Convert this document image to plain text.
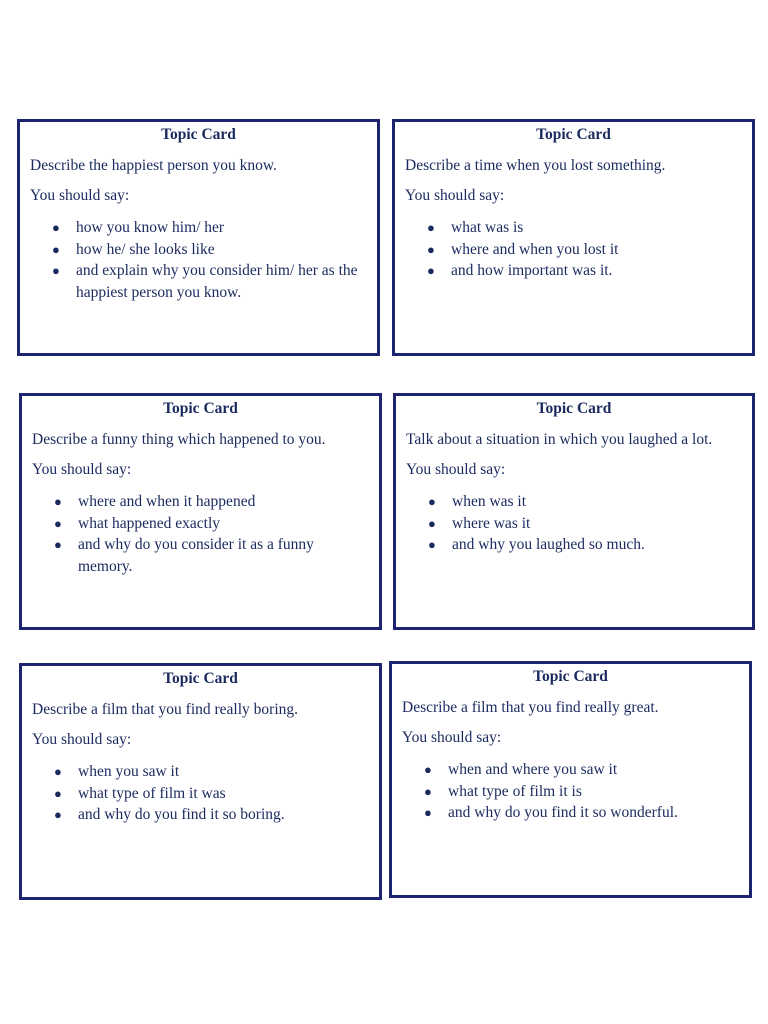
Topic Card
Describe the happiest person you know.
You should say:
● how you know him/ her
● how he/ she looks like
● and explain why you consider him/ her as the happiest person you know.
Topic Card
Describe a time when you lost something.
You should say:
● what was is
● where and when you lost it
● and how important was it.
Topic Card
Describe a funny thing which happened to you.
You should say:
● where and when it happened
● what happened exactly
● and why do you consider it as a funny memory.
Topic Card
Talk about a situation in which you laughed a lot.
You should say:
● when was it
● where was it
● and why you laughed so much.
Topic Card
Describe a film that you find really boring.
You should say:
● when you saw it
● what type of film it was
● and why do you find it so boring.
Topic Card
Describe a film that you find really great.
You should say:
● when and where you saw it
● what type of film it is
● and why do you find it so wonderful.
